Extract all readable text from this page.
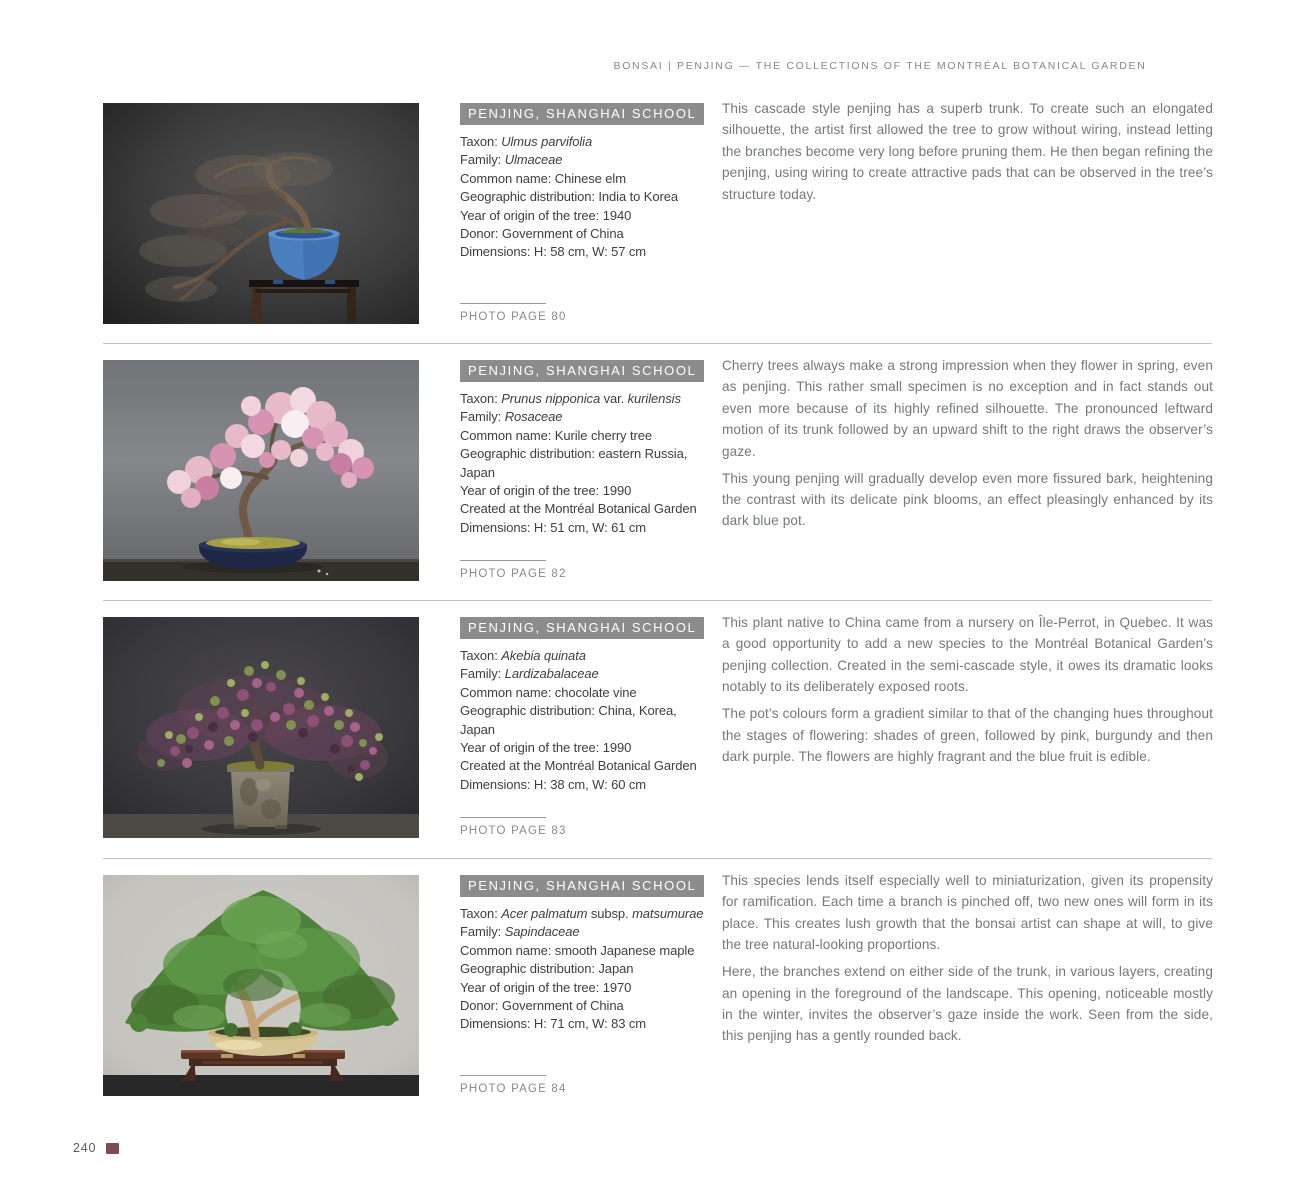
BONSAI | PENJING — THE COLLECTIONS OF THE MONTRÉAL BOTANICAL GARDEN
PENJING, SHANGHAI SCHOOL
Taxon: Ulmus parvifolia
Family: Ulmaceae
Common name: Chinese elm
Geographic distribution: India to Korea
Year of origin of the tree: 1940
Donor: Government of China
Dimensions: H: 58 cm, W: 57 cm
PHOTO PAGE 80

This cascade style penjing has a superb trunk. To create such an elongated silhouette, the artist first allowed the tree to grow without wiring, instead letting the branches become very long before pruning them. He then began refining the penjing, using wiring to create attractive pads that can be observed in the tree’s structure today.

PENJING, SHANGHAI SCHOOL
Taxon: Prunus nipponica var. kurilensis
Family: Rosaceae
Common name: Kurile cherry tree
Geographic distribution: eastern Russia, Japan
Year of origin of the tree: 1990
Created at the Montréal Botanical Garden
Dimensions: H: 51 cm, W: 61 cm
PHOTO PAGE 82

Cherry trees always make a strong impression when they flower in spring, even as penjing. This rather small specimen is no exception and in fact stands out even more because of its highly refined silhouette. The pronounced leftward motion of its trunk followed by an upward shift to the right draws the observer’s gaze.

This young penjing will gradually develop even more fissured bark, heightening the contrast with its delicate pink blooms, an effect pleasingly enhanced by its dark blue pot.

PENJING, SHANGHAI SCHOOL
Taxon: Akebia quinata
Family: Lardizabalaceae
Common name: chocolate vine
Geographic distribution: China, Korea, Japan
Year of origin of the tree: 1990
Created at the Montréal Botanical Garden
Dimensions: H: 38 cm, W: 60 cm
PHOTO PAGE 83

This plant native to China came from a nursery on Île-Perrot, in Quebec. It was a good opportunity to add a new species to the Montréal Botanical Garden’s penjing collection. Created in the semi-cascade style, it owes its dramatic looks notably to its deliberately exposed roots.

The pot’s colours form a gradient similar to that of the changing hues throughout the stages of flowering: shades of green, followed by pink, burgundy and then dark purple. The flowers are highly fragrant and the blue fruit is edible.

PENJING, SHANGHAI SCHOOL
Taxon: Acer palmatum subsp. matsumurae
Family: Sapindaceae
Common name: smooth Japanese maple
Geographic distribution: Japan
Year of origin of the tree: 1970
Donor: Government of China
Dimensions: H: 71 cm, W: 83 cm
PHOTO PAGE 84

This species lends itself especially well to miniaturization, given its propensity for ramification. Each time a branch is pinched off, two new ones will form in its place. This creates lush growth that the bonsai artist can shape at will, to give the tree natural-looking proportions.

Here, the branches extend on either side of the trunk, in various layers, creating an opening in the foreground of the landscape. This opening, noticeable mostly in the winter, invites the observer’s gaze inside the work. Seen from the side, this penjing has a gently rounded back.

240
